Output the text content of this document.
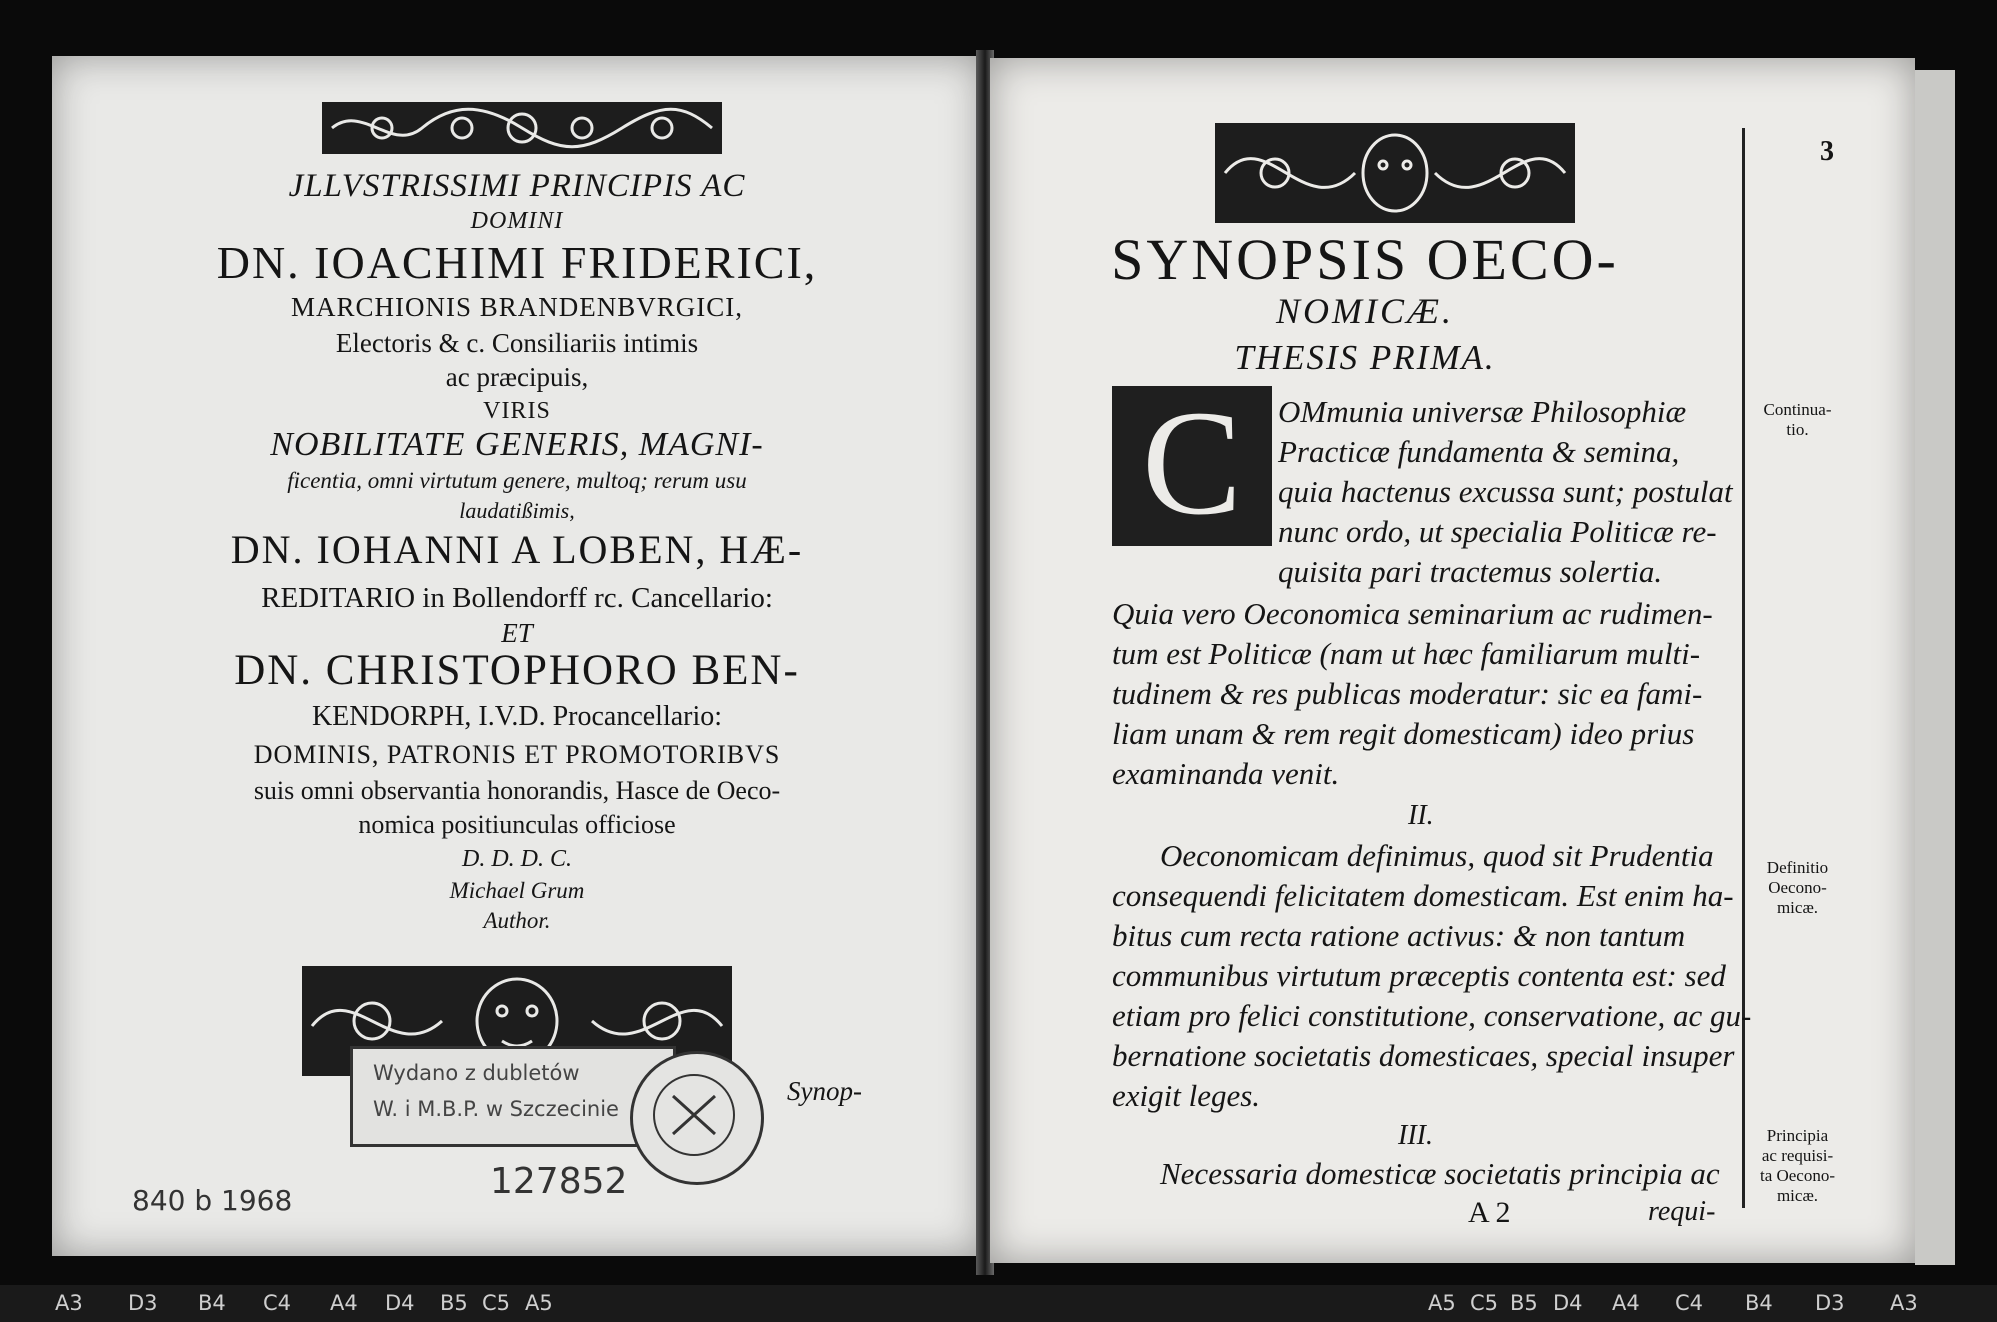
JLLVSTRISSIMI PRINCIPIS AC
DOMINI
DN. IOACHIMI FRIDERICI,
MARCHIONIS BRANDENBVRGICI,
Electoris & c. Consiliariis intimis
ac præcipuis,
VIRIS
NOBILITATE GENERIS, MAGNI-
ficentia, omni virtutum genere, multoq; rerum usu
laudatißimis,
DN. IOHANNI A LOBEN, HÆ-
REDITARIO in Bollendorff rc. Cancellario:
ET
DN. CHRISTOPHORO BEN-
KENDORPH, I.V.D. Procancellario:
DOMINIS, PATRONIS ET PROMOTORIBVS
suis omni observantia honorandis, Hasce de Oeco-
nomica positiunculas officiose
D. D. D. C.
Michael Grum
Author.
Synop-
Wydano z dubletów
W. i M.B.P. w Szczecinie
127852
840 b 1968
3
SYNOPSIS OECO-
NOMICÆ.
THESIS PRIMA.
C	OMmunia universæ Philosophiæ
Practicæ fundamenta & semina,
quia hactenus excussa sunt; postulat
nunc ordo, ut specialia Politicæ re-
quisita pari tractemus solertia.
Quia vero Oeconomica seminarium ac rudimen-
tum est Politicæ (nam ut hæc familiarum multi-
tudinem & res publicas moderatur: sic ea fami-
liam unam & rem regit domesticam) ideo prius
examinanda venit.
II.
Oeconomicam definimus, quod sit Prudentia
consequendi felicitatem domesticam. Est enim ha-
bitus cum recta ratione activus: & non tantum
communibus virtutum præceptis contenta est: sed
etiam pro felici constitutione, conservatione, ac gu-
bernatione societatis domesticaes, special insuper
exigit leges.
III.
Necessaria domesticæ societatis principia ac
A 2	requi-
Continua-
tio.
Definitio
Oecono-
micæ.
Principia
ac requisi-
ta Oecono-
micæ.
A3 D3 B4 C4 A4 D4 B5 C5 A5	A5 C5 B5 D4 A4 C4 B4 D3 A3
